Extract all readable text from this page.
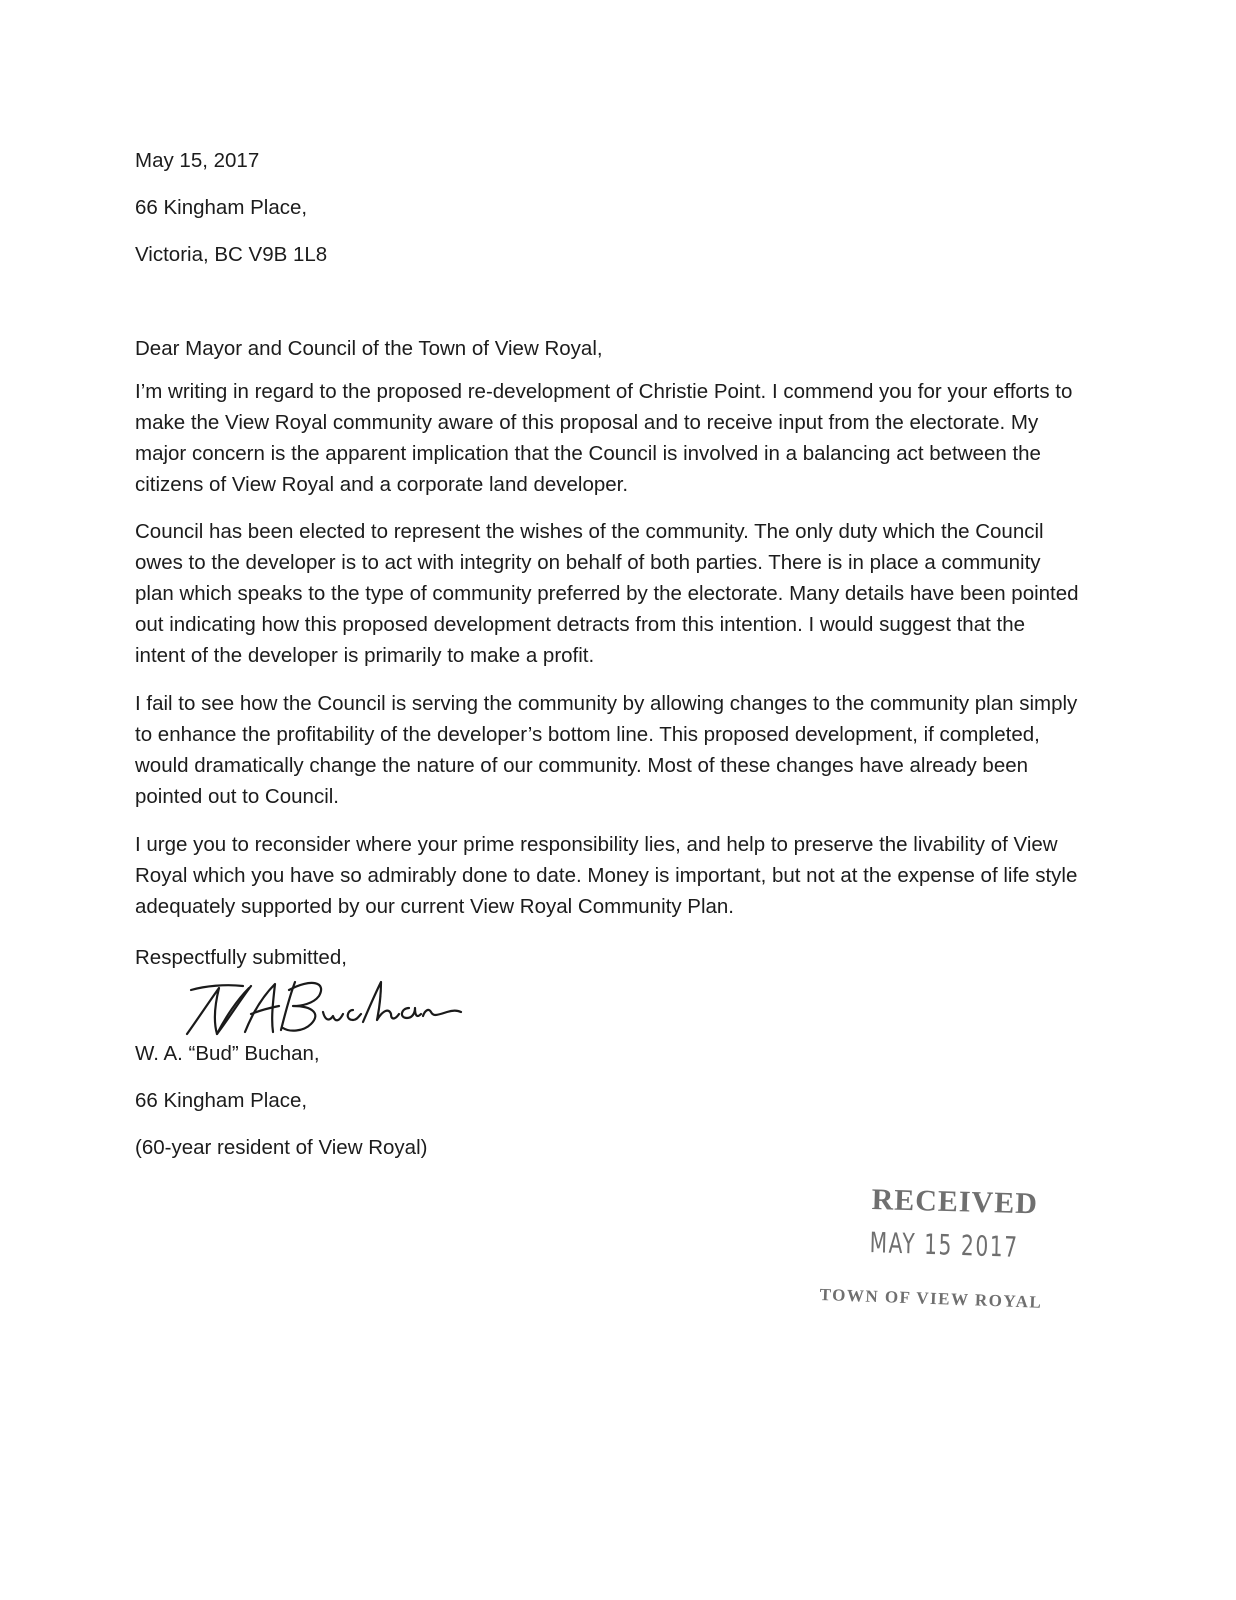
May 15, 2017
66 Kingham Place,
Victoria, BC V9B 1L8
Dear Mayor and Council of the Town of View Royal,
I’m writing in regard to the proposed re-development of Christie Point. I commend you for your efforts to make the View Royal community aware of this proposal and to receive input from the electorate. My major concern is the apparent implication that the Council is involved in a balancing act between the citizens of View Royal and a corporate land developer.
Council has been elected to represent the wishes of the community. The only duty which the Council owes to the developer is to act with integrity on behalf of both parties. There is in place a community plan which speaks to the type of community preferred by the electorate. Many details have been pointed out indicating how this proposed development detracts from this intention. I would suggest that the intent of the developer is primarily to make a profit.
I fail to see how the Council is serving the community by allowing changes to the community plan simply to enhance the profitability of the developer’s bottom line. This proposed development, if completed, would dramatically change the nature of our community. Most of these changes have already been pointed out to Council.
I urge you to reconsider where your prime responsibility lies, and help to preserve the livability of View Royal which you have so admirably done to date. Money is important, but not at the expense of life style adequately supported by our current View Royal Community Plan.
Respectfully submitted,
W. A. “Bud” Buchan,
66 Kingham Place,
(60-year resident of View Royal)
RECEIVED
MAY 15 2017
TOWN OF VIEW ROYAL
